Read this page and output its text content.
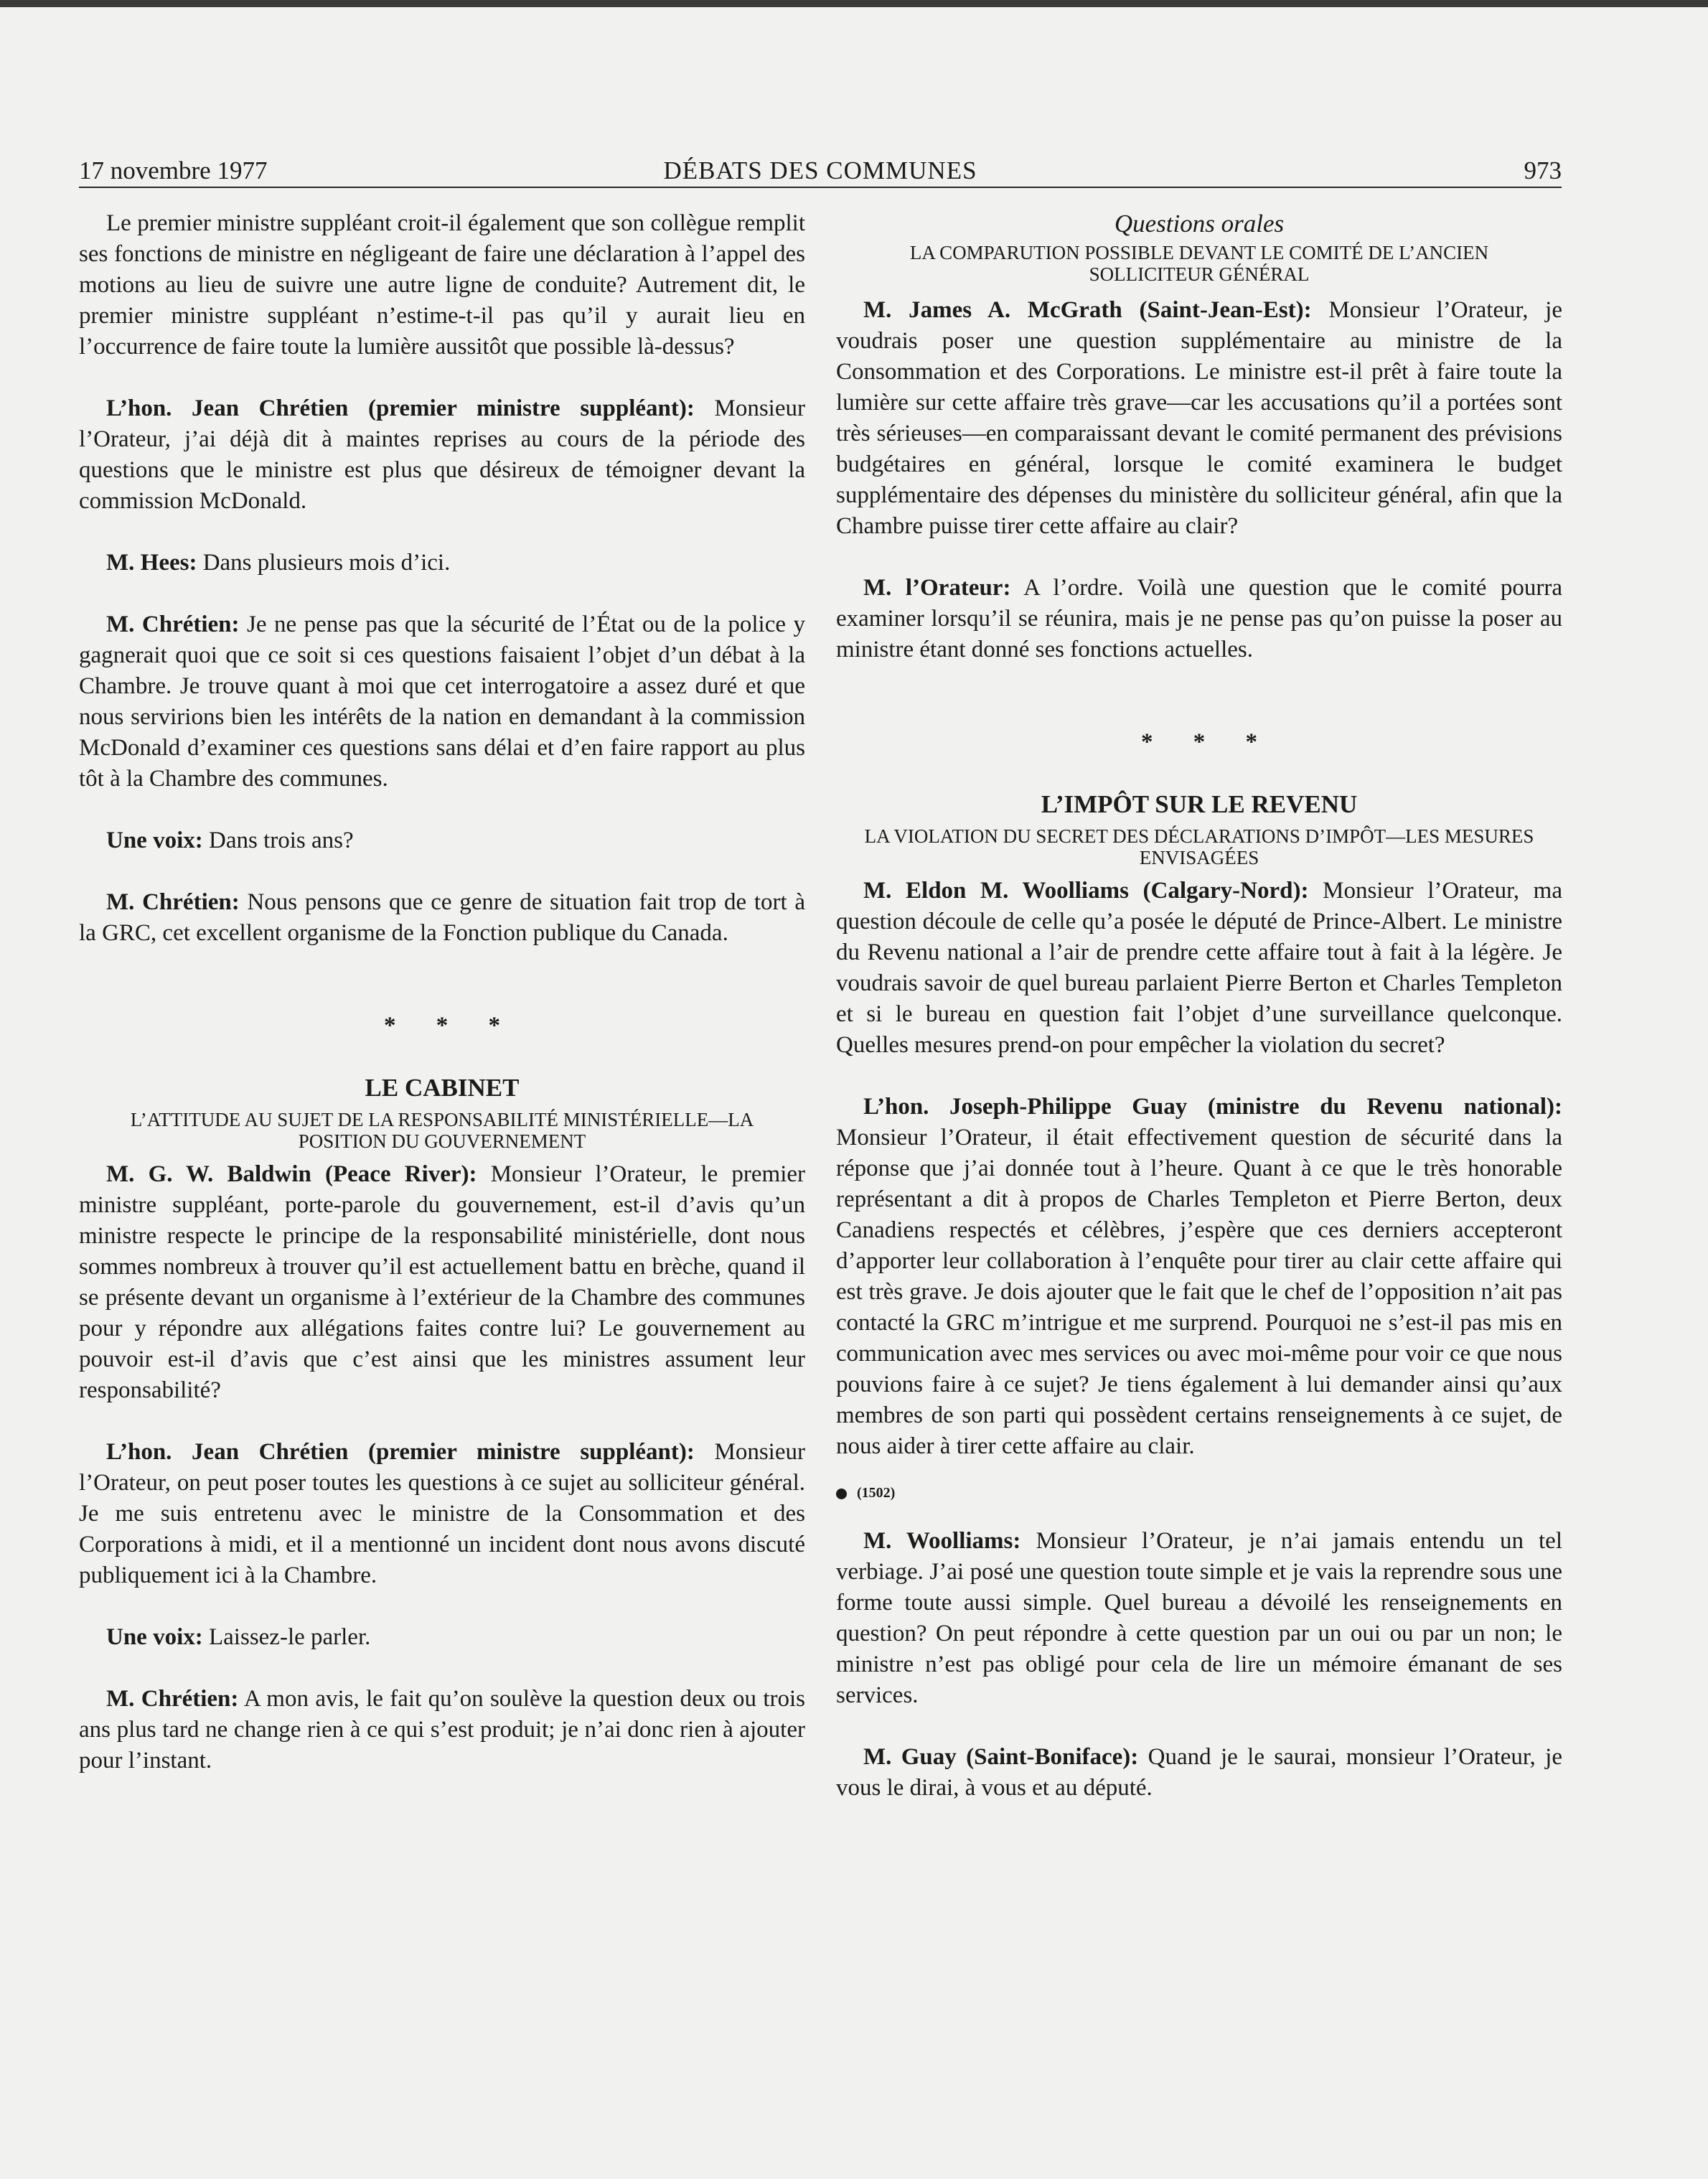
17 novembre 1977	DÉBATS DES COMMUNES	973

Le premier ministre suppléant croit-il également que son collègue remplit ses fonctions de ministre en négligeant de faire une déclaration à l’appel des motions au lieu de suivre une autre ligne de conduite? Autrement dit, le premier ministre suppléant n’estime-t-il pas qu’il y aurait lieu en l’occurrence de faire toute la lumière aussitôt que possible là-dessus?

L’hon. Jean Chrétien (premier ministre suppléant): Monsieur l’Orateur, j’ai déjà dit à maintes reprises au cours de la période des questions que le ministre est plus que désireux de témoigner devant la commission McDonald.

M. Hees: Dans plusieurs mois d’ici.

M. Chrétien: Je ne pense pas que la sécurité de l’État ou de la police y gagnerait quoi que ce soit si ces questions faisaient l’objet d’un débat à la Chambre. Je trouve quant à moi que cet interrogatoire a assez duré et que nous servirions bien les intérêts de la nation en demandant à la commission McDonald d’examiner ces questions sans délai et d’en faire rapport au plus tôt à la Chambre des communes.

Une voix: Dans trois ans?

M. Chrétien: Nous pensons que ce genre de situation fait trop de tort à la GRC, cet excellent organisme de la Fonction publique du Canada.

* * *

LE CABINET

L’ATTITUDE AU SUJET DE LA RESPONSABILITÉ MINISTÉRIELLE—LA POSITION DU GOUVERNEMENT

M. G. W. Baldwin (Peace River): Monsieur l’Orateur, le premier ministre suppléant, porte-parole du gouvernement, est-il d’avis qu’un ministre respecte le principe de la responsabilité ministérielle, dont nous sommes nombreux à trouver qu’il est actuellement battu en brèche, quand il se présente devant un organisme à l’extérieur de la Chambre des communes pour y répondre aux allégations faites contre lui? Le gouvernement au pouvoir est-il d’avis que c’est ainsi que les ministres assument leur responsabilité?

L’hon. Jean Chrétien (premier ministre suppléant): Monsieur l’Orateur, on peut poser toutes les questions à ce sujet au solliciteur général. Je me suis entretenu avec le ministre de la Consommation et des Corporations à midi, et il a mentionné un incident dont nous avons discuté publiquement ici à la Chambre.

Une voix: Laissez-le parler.

M. Chrétien: A mon avis, le fait qu’on soulève la question deux ou trois ans plus tard ne change rien à ce qui s’est produit; je n’ai donc rien à ajouter pour l’instant.

Questions orales

LA COMPARUTION POSSIBLE DEVANT LE COMITÉ DE L’ANCIEN SOLLICITEUR GÉNÉRAL

M. James A. McGrath (Saint-Jean-Est): Monsieur l’Orateur, je voudrais poser une question supplémentaire au ministre de la Consommation et des Corporations. Le ministre est-il prêt à faire toute la lumière sur cette affaire très grave—car les accusations qu’il a portées sont très sérieuses—en comparaissant devant le comité permanent des prévisions budgétaires en général, lorsque le comité examinera le budget supplémentaire des dépenses du ministère du solliciteur général, afin que la Chambre puisse tirer cette affaire au clair?

M. l’Orateur: A l’ordre. Voilà une question que le comité pourra examiner lorsqu’il se réunira, mais je ne pense pas qu’on puisse la poser au ministre étant donné ses fonctions actuelles.

* * *

L’IMPÔT SUR LE REVENU

LA VIOLATION DU SECRET DES DÉCLARATIONS D’IMPÔT—LES MESURES ENVISAGÉES

M. Eldon M. Woolliams (Calgary-Nord): Monsieur l’Orateur, ma question découle de celle qu’a posée le député de Prince-Albert. Le ministre du Revenu national a l’air de prendre cette affaire tout à fait à la légère. Je voudrais savoir de quel bureau parlaient Pierre Berton et Charles Templeton et si le bureau en question fait l’objet d’une surveillance quelconque. Quelles mesures prend-on pour empêcher la violation du secret?

L’hon. Joseph-Philippe Guay (ministre du Revenu national): Monsieur l’Orateur, il était effectivement question de sécurité dans la réponse que j’ai donnée tout à l’heure. Quant à ce que le très honorable représentant a dit à propos de Charles Templeton et Pierre Berton, deux Canadiens respectés et célèbres, j’espère que ces derniers accepteront d’apporter leur collaboration à l’enquête pour tirer au clair cette affaire qui est très grave. Je dois ajouter que le fait que le chef de l’opposition n’ait pas contacté la GRC m’intrigue et me surprend. Pourquoi ne s’est-il pas mis en communication avec mes services ou avec moi-même pour voir ce que nous pouvions faire à ce sujet? Je tiens également à lui demander ainsi qu’aux membres de son parti qui possèdent certains renseignements à ce sujet, de nous aider à tirer cette affaire au clair.

(1502)

M. Woolliams: Monsieur l’Orateur, je n’ai jamais entendu un tel verbiage. J’ai posé une question toute simple et je vais la reprendre sous une forme toute aussi simple. Quel bureau a dévoilé les renseignements en question? On peut répondre à cette question par un oui ou par un non; le ministre n’est pas obligé pour cela de lire un mémoire émanant de ses services.

M. Guay (Saint-Boniface): Quand je le saurai, monsieur l’Orateur, je vous le dirai, à vous et au député.
